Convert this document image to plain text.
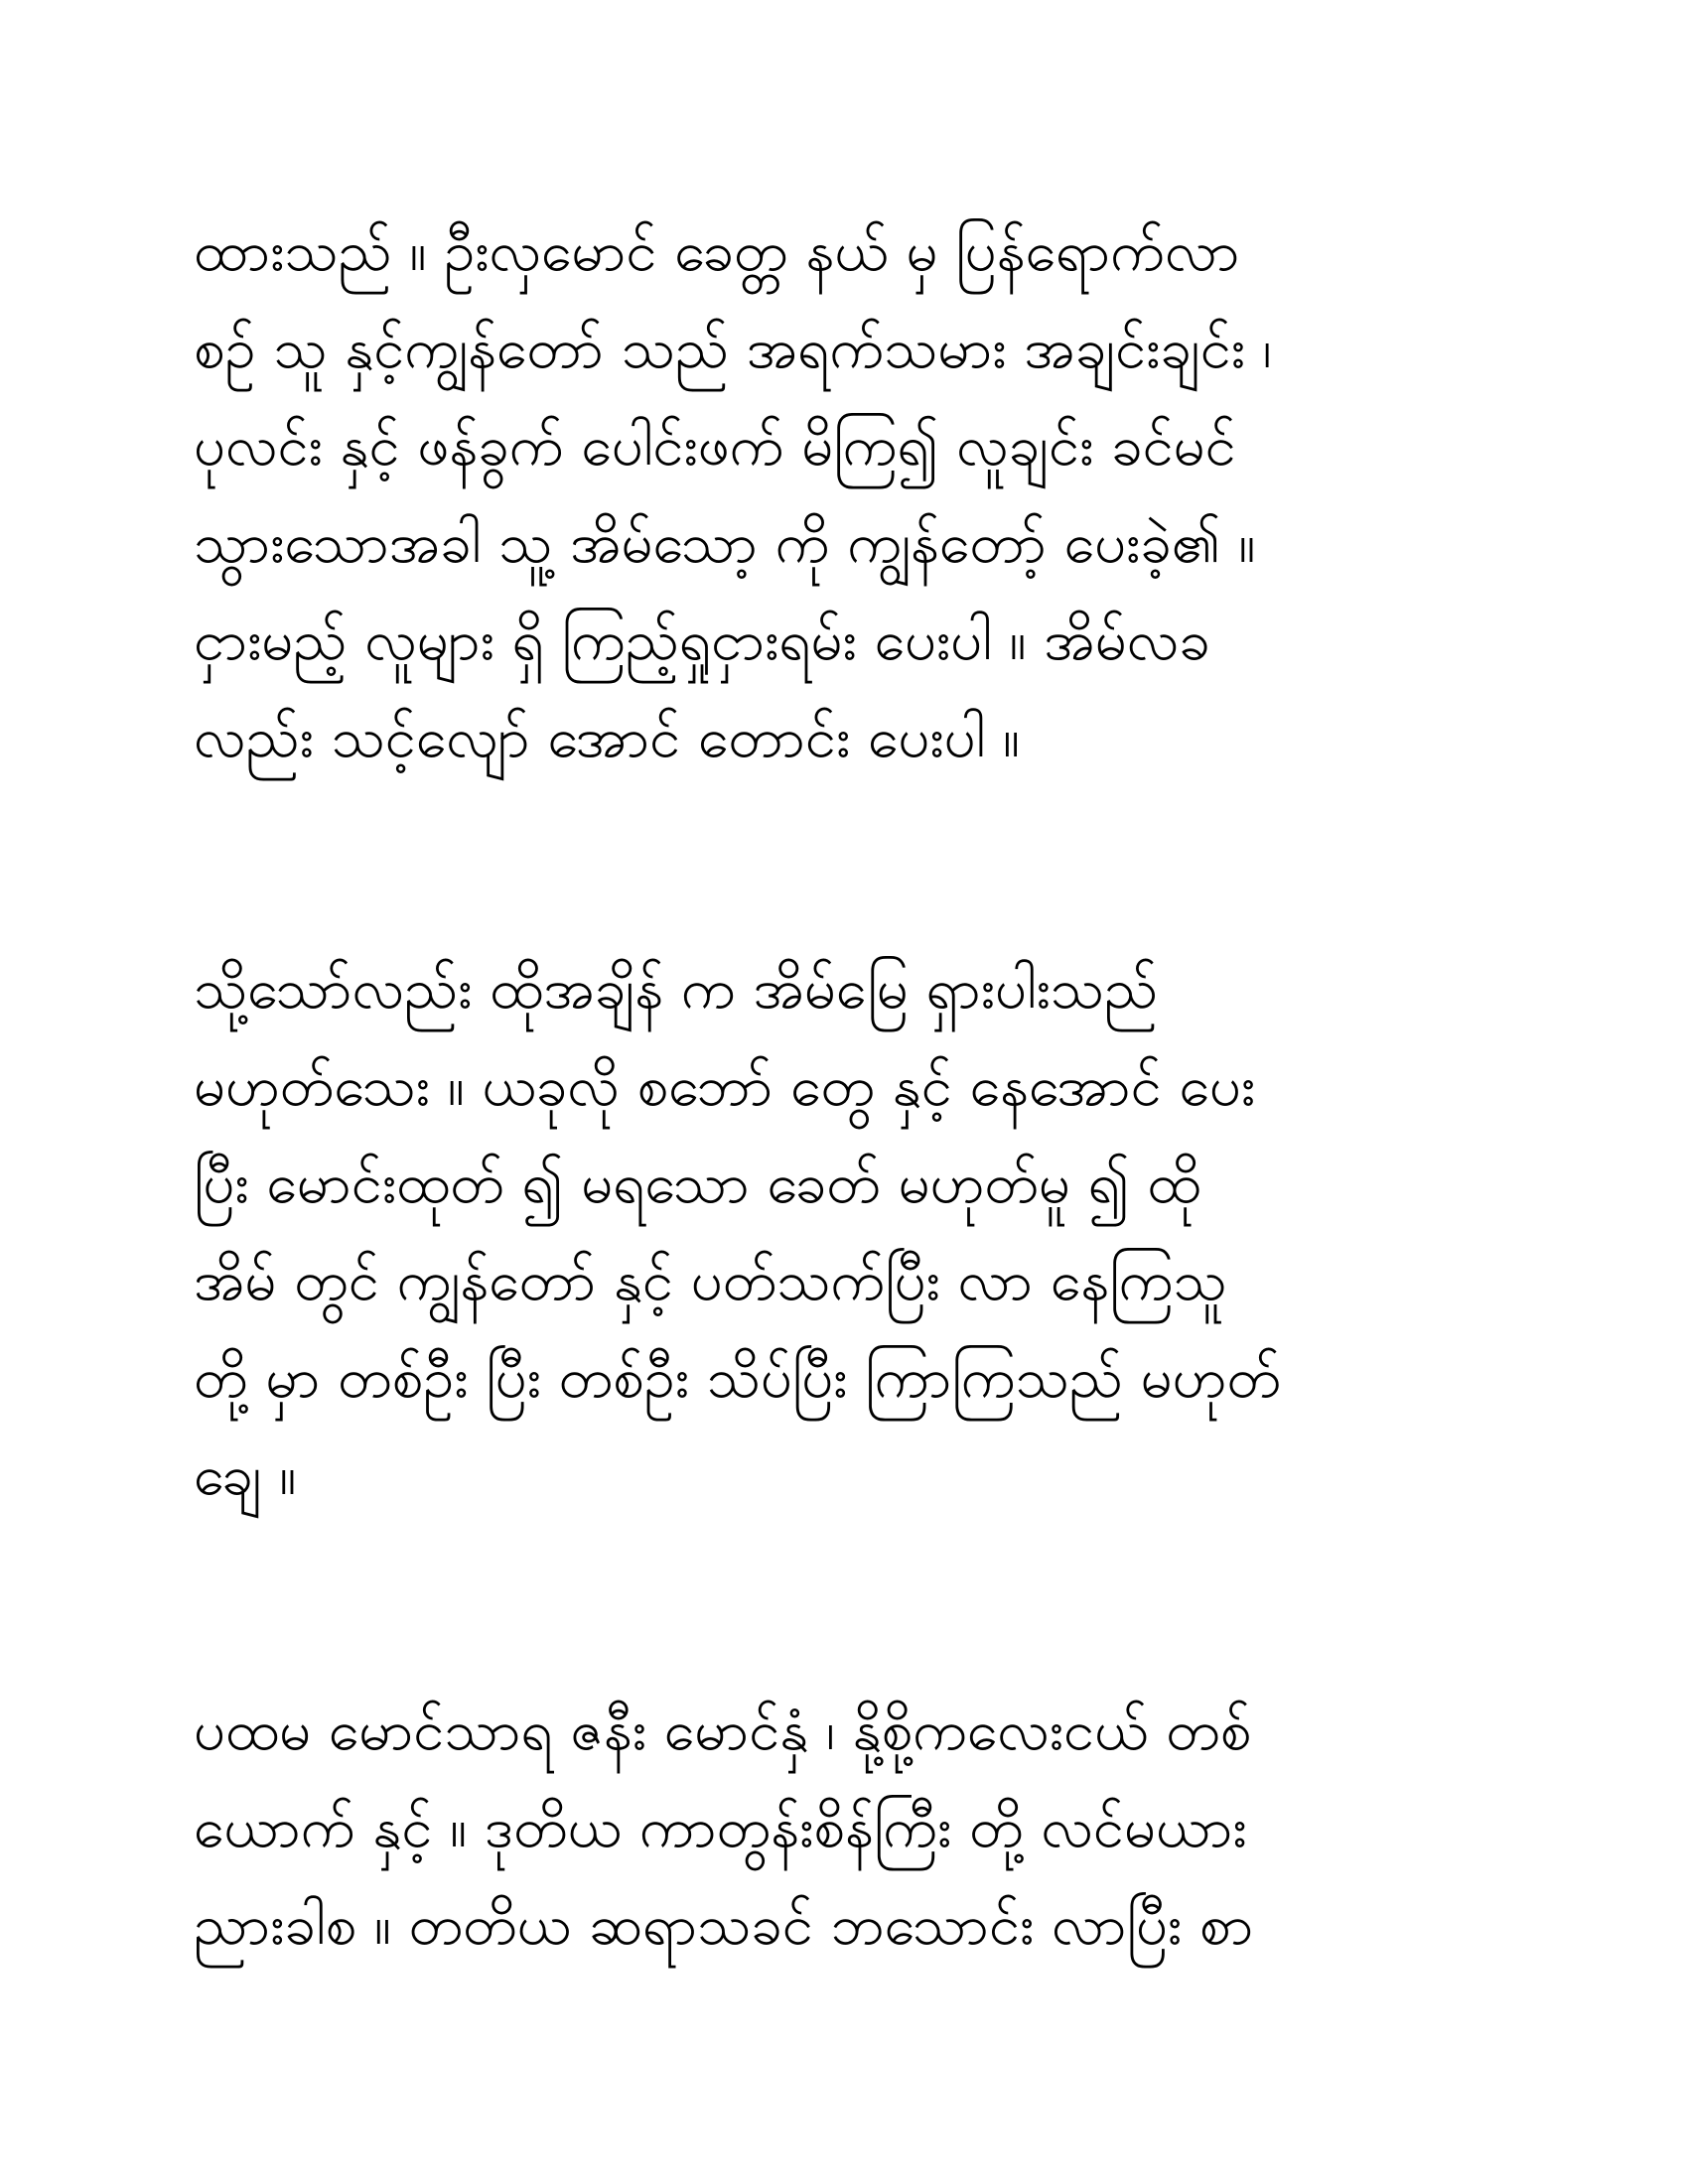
ထားသည် ။ ဦးလှမောင် ခေတ္တ နယ် မှ ပြန်ရောက်လာ
စဉ် သူ နှင့်ကျွန်တော် သည် အရက်သမား အချင်းချင်း ၊
ပုလင်း နှင့် ဖန်ခွက် ပေါင်းဖက် မိကြ၍ လူချင်း ခင်မင်
သွားသောအခါ သူ့ အိမ်သော့ ကို ကျွန်တော့် ပေးခဲ့၏ ။
ငှားမည့် လူများ ရှိ ကြည့်ရှုငှားရမ်း ပေးပါ ။ အိမ်လခ
လည်း သင့်လျော် အောင် တောင်း ပေးပါ ။
သို့သော်လည်း ထိုအချိန် က အိမ်မြေ ရှားပါးသည်
မဟုတ်သေး ။ ယခုလို စဘော် တွေ နှင့် နေအောင် ပေး
ပြီး မောင်းထုတ် ၍ မရသော ခေတ် မဟုတ်မူ ၍ ထို
အိမ် တွင် ကျွန်တော် နှင့် ပတ်သက်ပြီး လာ နေကြသူ
တို့ မှာ တစ်ဦး ပြီး တစ်ဦး သိပ်ပြီး ကြာကြသည် မဟုတ်
ချေ ။
ပထမ မောင်သာရ ဇနီး မောင်နှံ ၊ နို့စို့ကလေးငယ် တစ်
ယောက် နှင့် ။ ဒုတိယ ကာတွန်းစိန်ကြီး တို့ လင်မယား
ညားခါစ ။ တတိယ ဆရာသခင် ဘသောင်း လာပြီး စာ
